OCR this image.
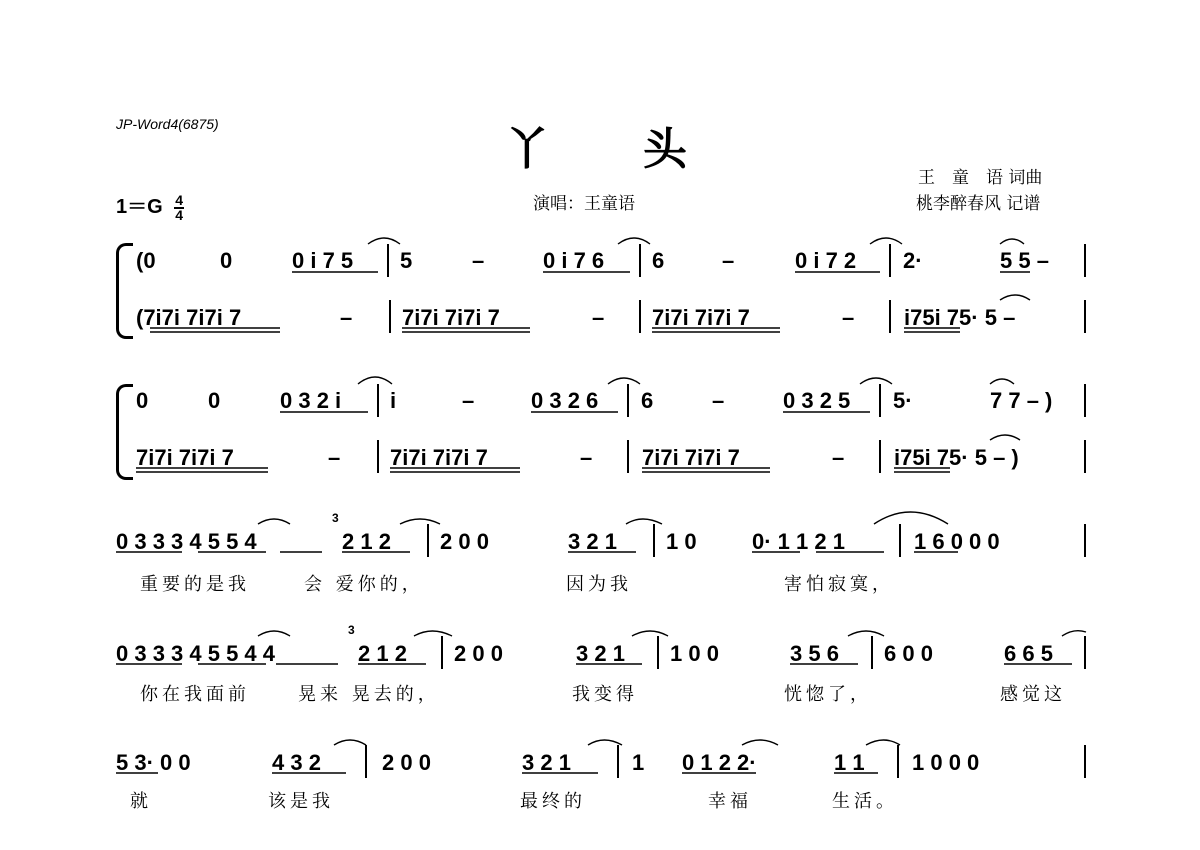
JP-Word4(6875)	丫　　头
王　童　语 词曲
桃李醉春风 记谱
演唱：王童语
$1=G \frac{4}{4}$
(0	0	0 i 7 5 5	–	0 i 7 6 6	–	0 i 7 2 2·	5 5 –
(7i7i 7i7i 7	– 7i7i 7i7i 7	– 7i7i 7i7i 7	– i75i 75· 5 –
0	0	0 3 2 i i	–	0 3 2 6 6	–	0 3 2 5 5·	7 7 – )
7i7i 7i7i 7	– 7i7i 7i7i 7	– 7i7i 7i7i 7	– i75i 75· 5 – )
0 3 3 3 4 5 5 4
3
2 1 2 2 0 0	3 2 1 1 0	0· 1 1 2 1	1 6 0 0 0
重要的是我	会 爱你的，	因为我	害怕寂寞，
0 3 3 3 4 5 5 4 4
3
2 1 2 2 0 0	3 2 1 1 0 0	3 5 6 6 0 0	6 6 5
你在我面前	晃来 晃去的，	我变得	恍惚了，	感觉这
5 3· 0 0	4 3 2	2 0 0	3 2 1	1 0 1 2 2·	1 1 1 0 0 0
就	该是我	最终的	幸福	生活。
